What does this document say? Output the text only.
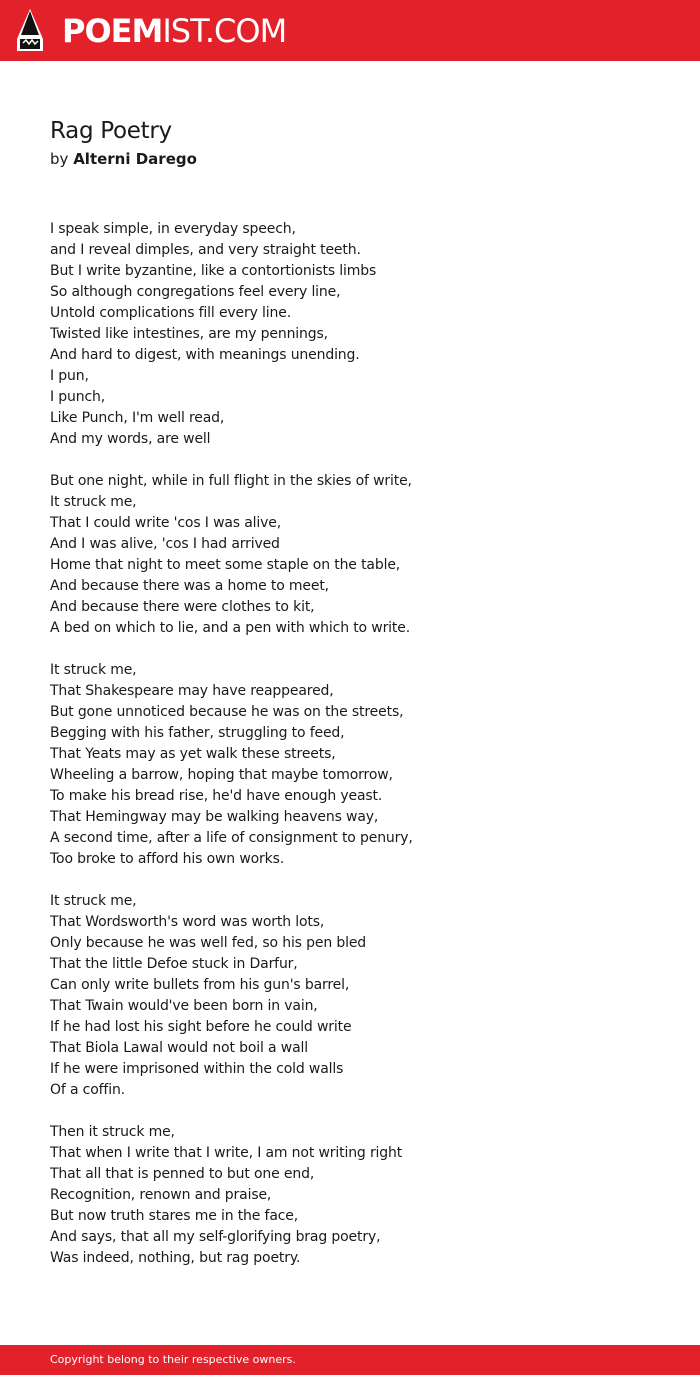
POEMIST.COM
Rag Poetry
by Alterni Darego
I speak simple, in everyday speech,
and I reveal dimples, and very straight teeth.
But I write byzantine, like a contortionists limbs
So although congregations feel every line,
Untold complications fill every line.
Twisted like intestines, are my pennings,
And hard to digest, with meanings unending.
I pun,
I punch,
Like Punch, I'm well read,
And my words, are well
But one night, while in full flight in the skies of write,
It struck me,
That I could write 'cos I was alive,
And I was alive, 'cos I had arrived
Home that night to meet some staple on the table,
And because there was a home to meet,
And because there were clothes to kit,
A bed on which to lie, and a pen with which to write.
It struck me,
That Shakespeare may have reappeared,
But gone unnoticed because he was on the streets,
Begging with his father, struggling to feed,
That Yeats may as yet walk these streets,
Wheeling a barrow, hoping that maybe tomorrow,
To make his bread rise, he'd have enough yeast.
That Hemingway may be walking heavens way,
A second time, after a life of consignment to penury,
Too broke to afford his own works.
It struck me,
That Wordsworth's word was worth lots,
Only because he was well fed, so his pen bled
That the little Defoe stuck in Darfur,
Can only write bullets from his gun's barrel,
That Twain would've been born in vain,
If he had lost his sight before he could write
That Biola Lawal would not boil a wall
If he were imprisoned within the cold walls
Of a coffin.
Then it struck me,
That when I write that I write, I am not writing right
That all that is penned to but one end,
Recognition, renown and praise,
But now truth stares me in the face,
And says, that all my self-glorifying brag poetry,
Was indeed, nothing, but rag poetry.
Copyright belong to their respective owners.
